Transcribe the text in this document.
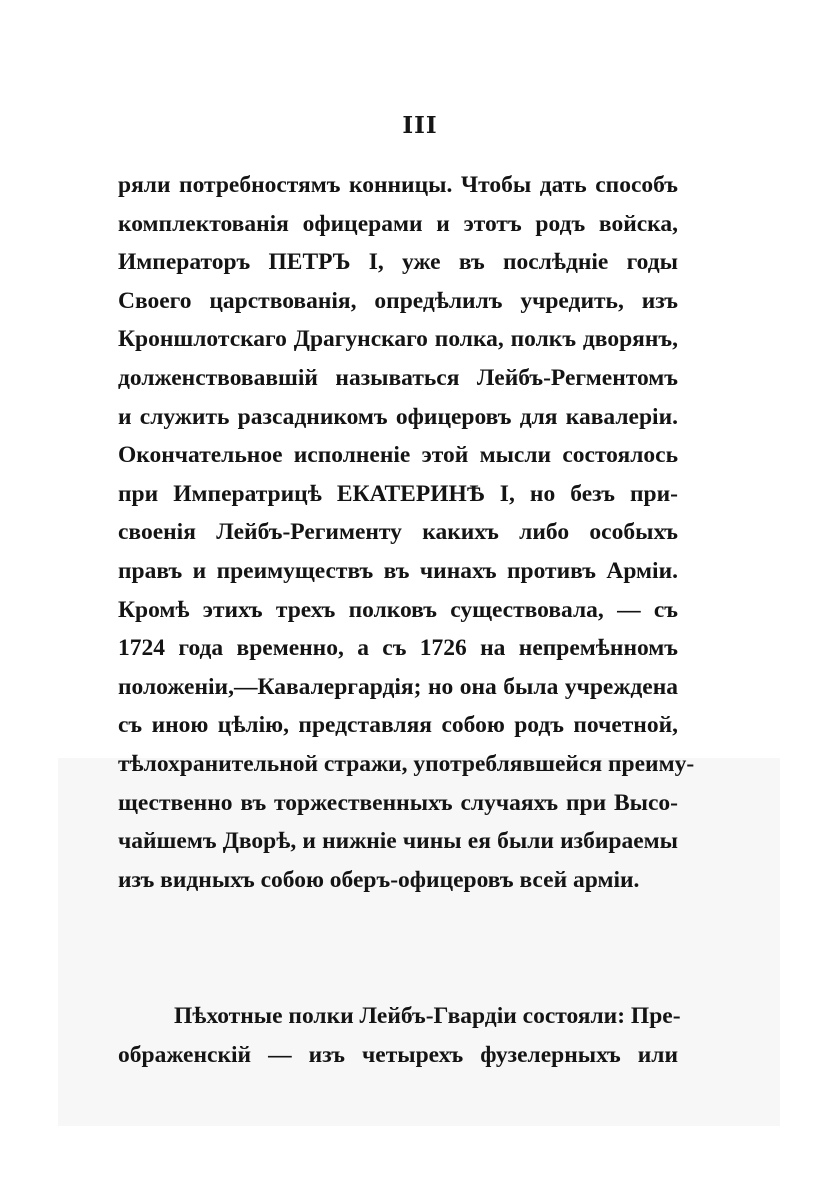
III
ряли потребностямъ конницы. Чтобы дать способъ
комплектованія офицерами и этотъ родъ войска,
Императоръ ПЕТРЪ I, уже въ послѣдніе годы
Своего царствованія, опредѣлилъ учредить, изъ
Кроншлотскаго Драгунскаго полка, полкъ дворянъ,
долженствовавшій называться Лейбъ-Регментомъ
и служить разсадникомъ офицеровъ для кавалеріи.
Окончательное исполненіе этой мысли состоялось
при Императрицѣ ЕКАТЕРИНѢ I, но безъ при-
своенія Лейбъ-Регименту какихъ либо особыхъ
правъ и преимуществъ въ чинахъ противъ Арміи.
Кромѣ этихъ трехъ полковъ существовала, — съ
1724 года временно, а съ 1726 на непремѣнномъ
положеніи,—Кавалергардія; но она была учреждена
съ иною цѣлію, представляя собою родъ почетной,
тѣлохранительной стражи, употреблявшейся преиму-
щественно въ торжественныхъ случаяхъ при Высо-
чайшемъ Дворѣ, и нижніе чины ея были избираемы
изъ видныхъ собою оберъ-офицеровъ всей арміи.
Пѣхотные полки Лейбъ-Гвардіи состояли: Пре-
ображенскій — изъ четырехъ фузелерныхъ или
